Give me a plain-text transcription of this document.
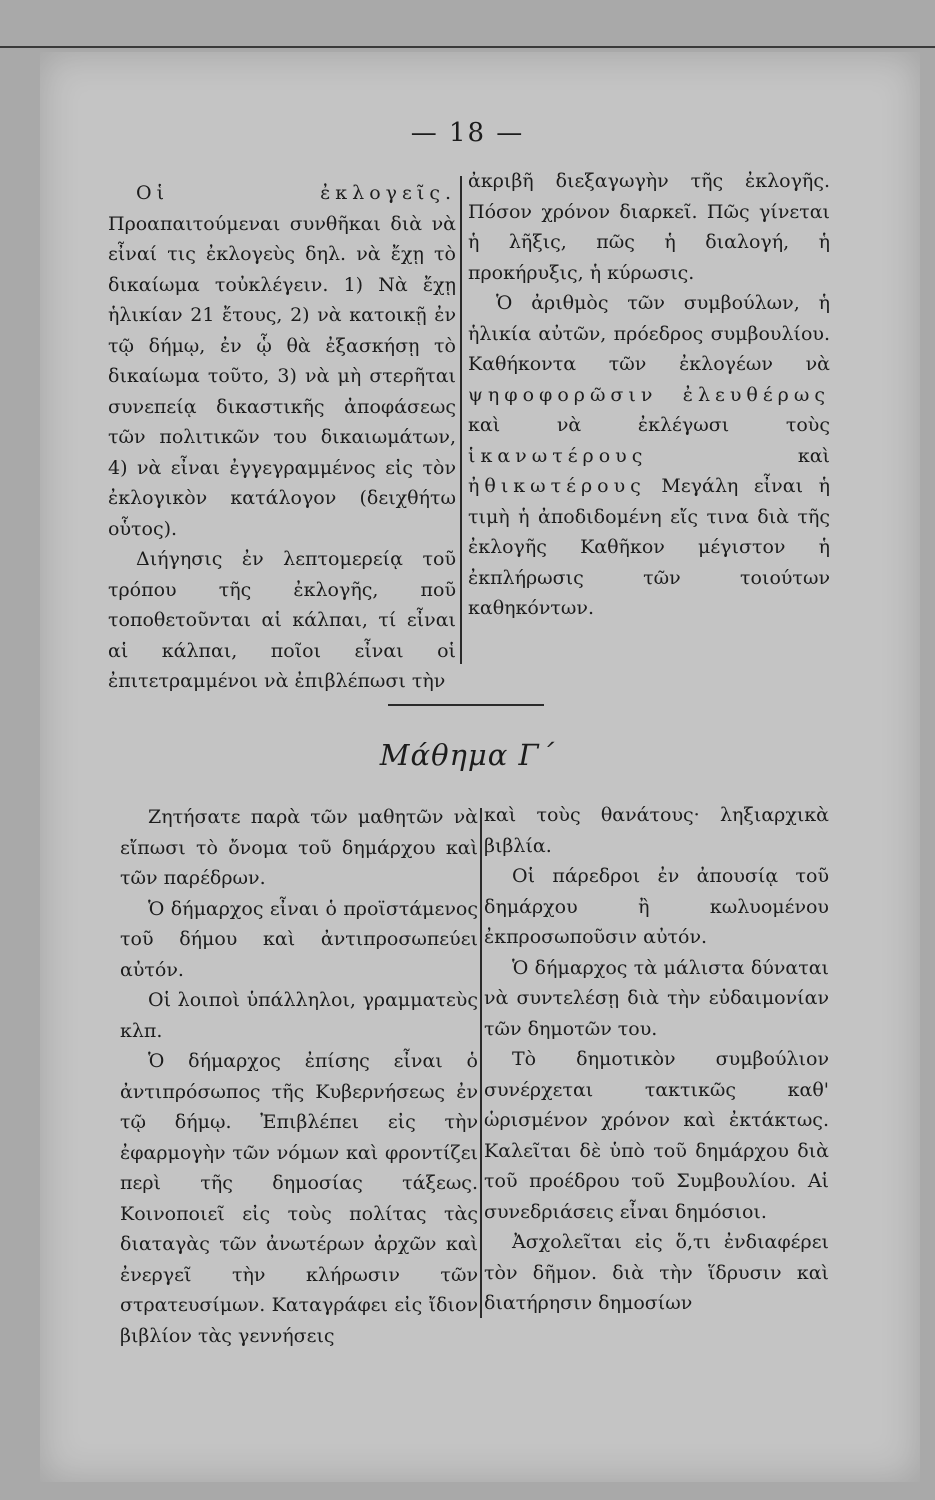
— 18 —

Οἱ ἐκλογεῖς. Προαπαιτούμεναι συνθῆκαι διὰ νὰ εἶναί τις ἐκλογεὺς δηλ. νὰ ἔχῃ τὸ δικαίωμα τοὐκλέγειν. 1) Νὰ ἔχῃ ἡλικίαν 21 ἔτους, 2) νὰ κατοικῇ ἐν τῷ δήμῳ, ἐν ᾧ θὰ ἐξασκήσῃ τὸ δικαίωμα τοῦτο, 3) νὰ μὴ στερῆται συνεπείᾳ δικαστικῆς ἀποφάσεως τῶν πολιτικῶν του δικαιωμάτων, 4) νὰ εἶναι ἐγγεγραμμένος εἰς τὸν ἐκλογικὸν κατάλογον (δειχθήτω οὗτος).

Διήγησις ἐν λεπτομερείᾳ τοῦ τρόπου τῆς ἐκλογῆς, ποῦ τοποθετοῦνται αἱ κάλπαι, τί εἶναι αἱ κάλπαι, ποῖοι εἶναι οἱ ἐπιτετραμμένοι νὰ ἐπιβλέπωσι τὴν

ἀκριβῆ διεξαγωγὴν τῆς ἐκλογῆς. Πόσον χρόνον διαρκεῖ. Πῶς γίνεται ἡ λῆξις, πῶς ἡ διαλογή, ἡ προκήρυξις, ἡ κύρωσις.

Ὁ ἀριθμὸς τῶν συμβούλων, ἡ ἡλικία αὐτῶν, πρόεδρος συμβουλίου. Καθήκοντα τῶν ἐκλογέων νὰ ψηφοφορῶσιν ἐλευθέρως καὶ νὰ ἐκλέγωσι τοὺς ἱκανωτέρους καὶ ἠθικωτέρους Μεγάλη εἶναι ἡ τιμὴ ἡ ἀποδιδομένη εἴς τινα διὰ τῆς ἐκλογῆς Καθῆκον μέγιστον ἡ ἐκπλήρωσις τῶν τοιούτων καθηκόντων.

Μάθημα Γ΄

Ζητήσατε παρὰ τῶν μαθητῶν νὰ εἴπωσι τὸ ὄνομα τοῦ δημάρχου καὶ τῶν παρέδρων.

Ὁ δήμαρχος εἶναι ὁ προϊστάμενος τοῦ δήμου καὶ ἀντιπροσωπεύει αὐτόν.

Οἱ λοιποὶ ὑπάλληλοι, γραμματεὺς κλπ.

Ὁ δήμαρχος ἐπίσης εἶναι ὁ ἀντιπρόσωπος τῆς Κυβερνήσεως ἐν τῷ δήμῳ. Ἐπιβλέπει εἰς τὴν ἐφαρμογὴν τῶν νόμων καὶ φροντίζει περὶ τῆς δημοσίας τάξεως. Κοινοποιεῖ εἰς τοὺς πολίτας τὰς διαταγὰς τῶν ἀνωτέρων ἀρχῶν καὶ ἐνεργεῖ τὴν κλήρωσιν τῶν στρατευσίμων. Καταγράφει εἰς ἴδιον βιβλίον τὰς γεννήσεις

καὶ τοὺς θανάτους· ληξιαρχικὰ βιβλία.

Οἱ πάρεδροι ἐν ἀπουσίᾳ τοῦ δημάρχου ἢ κωλυομένου ἐκπροσωποῦσιν αὐτόν.

Ὁ δήμαρχος τὰ μάλιστα δύναται νὰ συντελέσῃ διὰ τὴν εὐδαιμονίαν τῶν δημοτῶν του.

Τὸ δημοτικὸν συμβούλιον συνέρχεται τακτικῶς καθ' ὡρισμένον χρόνον καὶ ἐκτάκτως. Καλεῖται δὲ ὑπὸ τοῦ δημάρχου διὰ τοῦ προέδρου τοῦ Συμβουλίου. Αἱ συνεδριάσεις εἶναι δημόσιοι.

Ἀσχολεῖται εἰς ὅ,τι ἐνδιαφέρει τὸν δῆμον. διὰ τὴν ἵδρυσιν καὶ διατήρησιν δημοσίων
